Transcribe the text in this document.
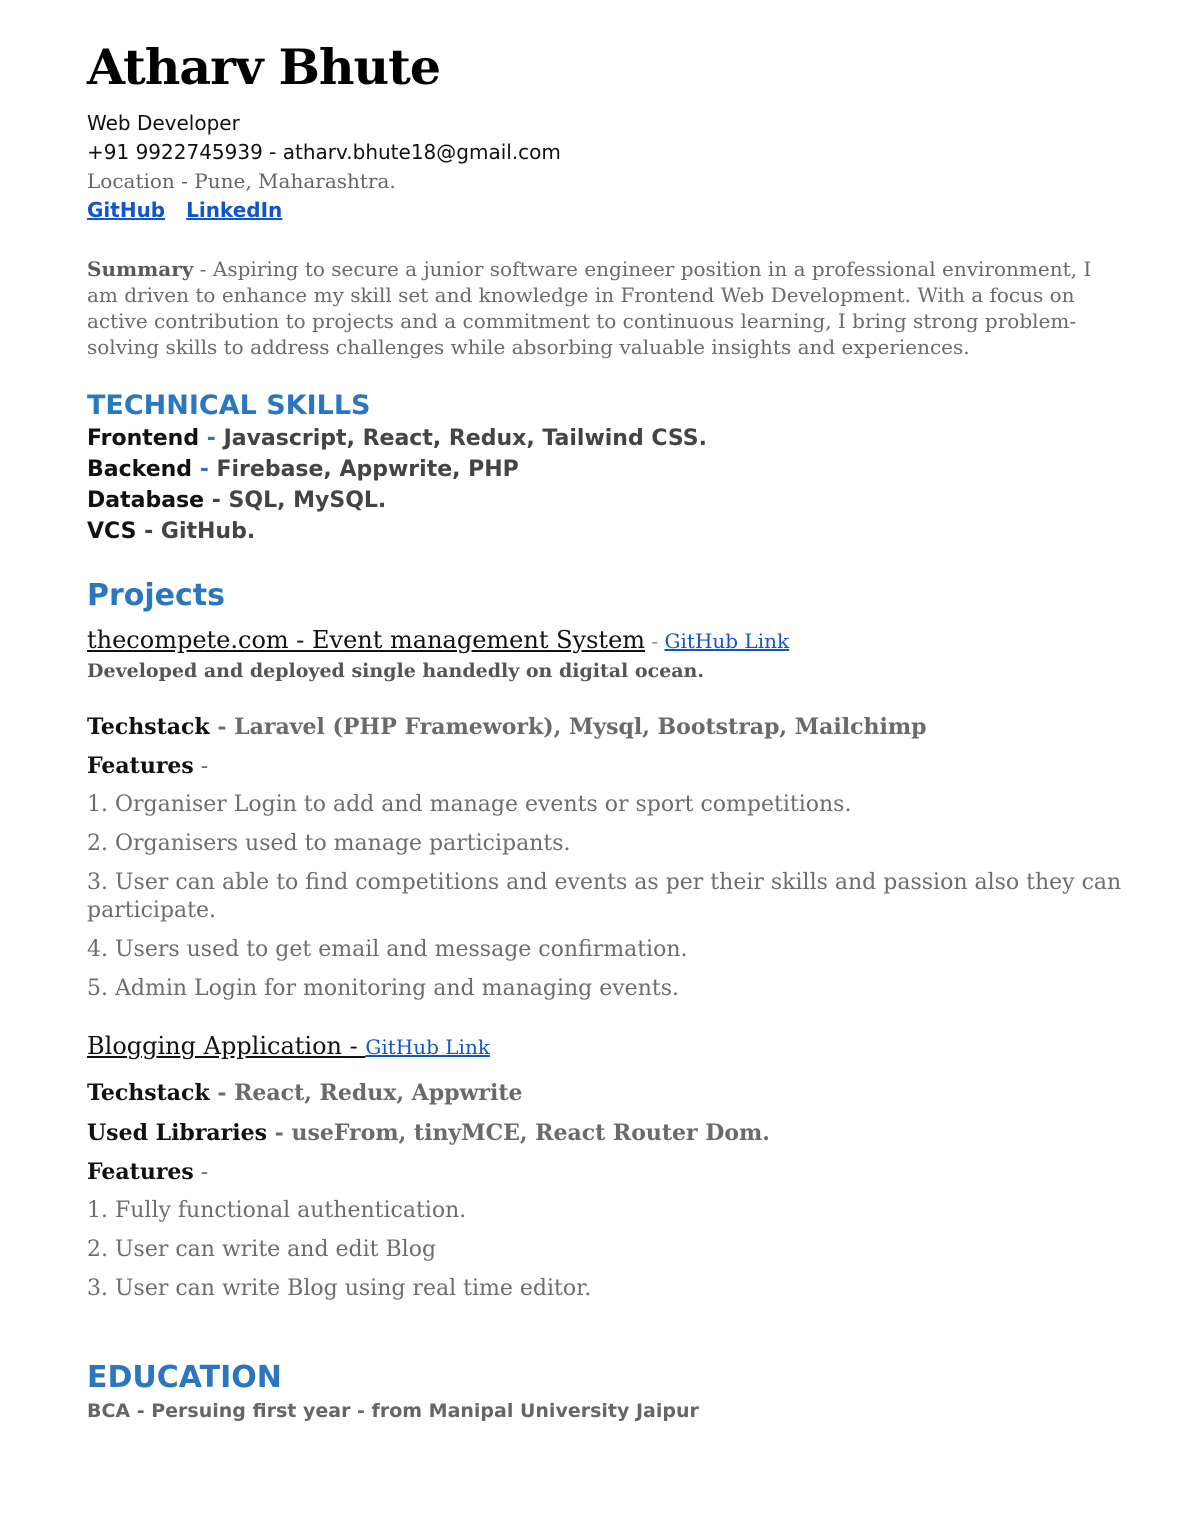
Atharv Bhute
Web Developer
+91 9922745939 - atharv.bhute18@gmail.com
Location - Pune, Maharashtra.
GitHub LinkedIn
Summary - Aspiring to secure a junior software engineer position in a professional environment, I am driven to enhance my skill set and knowledge in Frontend Web Development. With a focus on active contribution to projects and a commitment to continuous learning, I bring strong problem-solving skills to address challenges while absorbing valuable insights and experiences.
TECHNICAL SKILLS
Frontend - Javascript, React, Redux, Tailwind CSS.
Backend - Firebase, Appwrite, PHP
Database - SQL, MySQL.
VCS - GitHub.
Projects
thecompete.com - Event management System - GitHub Link
Developed and deployed single handedly on digital ocean.
Techstack - Laravel (PHP Framework), Mysql, Bootstrap, Mailchimp
Features -
1. Organiser Login to add and manage events or sport competitions.
2. Organisers used to manage participants.
3. User can able to find competitions and events as per their skills and passion also they can participate.
4. Users used to get email and message confirmation.
5. Admin Login for monitoring and managing events.
Blogging Application - GitHub Link
Techstack - React, Redux, Appwrite
Used Libraries - useFrom, tinyMCE, React Router Dom.
Features -
1. Fully functional authentication.
2. User can write and edit Blog
3. User can write Blog using real time editor.
EDUCATION
BCA - Persuing first year - from Manipal University Jaipur
